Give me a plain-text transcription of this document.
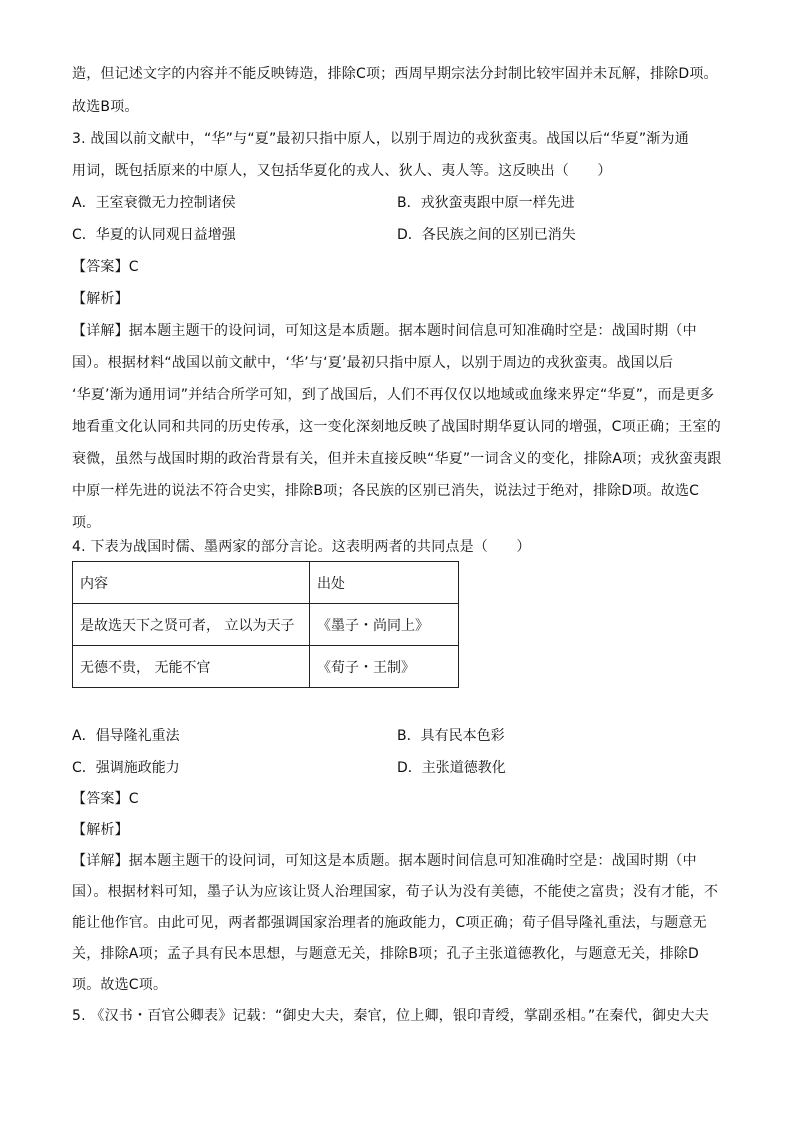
造，但记述文字的内容并不能反映铸造，排除C项；西周早期宗法分封制比较牢固并未瓦解，排除D项。
故选B项。
3. 战国以前文献中，“华”与“夏”最初只指中原人，以别于周边的戎狄蛮夷。战国以后“华夏”渐为通
用词，既包括原来的中原人，又包括华夏化的戎人、狄人、夷人等。这反映出（　　）
A．王室衰微无力控制诸侯	B．戎狄蛮夷跟中原一样先进
C．华夏的认同观日益增强	D．各民族之间的区别已消失
【答案】C
【解析】
【详解】据本题主题干的设问词，可知这是本质题。据本题时间信息可知准确时空是：战国时期（中
国）。根据材料“战国以前文献中，‘华’与‘夏’最初只指中原人，以别于周边的戎狄蛮夷。战国以后
‘华夏’渐为通用词”并结合所学可知，到了战国后，人们不再仅仅以地域或血缘来界定“华夏”，而是更多
地看重文化认同和共同的历史传承，这一变化深刻地反映了战国时期华夏认同的增强，C项正确；王室的
衰微，虽然与战国时期的政治背景有关，但并未直接反映“华夏”一词含义的变化，排除A项；戎狄蛮夷跟
中原一样先进的说法不符合史实，排除B项；各民族的区别已消失，说法过于绝对，排除D项。故选C
项。
4. 下表为战国时儒、墨两家的部分言论。这表明两者的共同点是（　　）
内容	出处
是故选天下之贤可者， 立以为天子	《墨子・尚同上》
无德不贵， 无能不官	《荀子・王制》
A．倡导隆礼重法	B．具有民本色彩
C．强调施政能力	D．主张道德教化
【答案】C
【解析】
【详解】据本题主题干的设问词，可知这是本质题。据本题时间信息可知准确时空是：战国时期（中
国）。根据材料可知，墨子认为应该让贤人治理国家，荀子认为没有美德，不能使之富贵；没有才能，不
能让他作官。由此可见，两者都强调国家治理者的施政能力，C项正确；荀子倡导隆礼重法，与题意无
关，排除A项；孟子具有民本思想，与题意无关，排除B项；孔子主张道德教化，与题意无关，排除D
项。故选C项。
5. 《汉书・百官公卿表》记载：“御史大夫，秦官，位上卿，银印青绶，掌副丞相。”在秦代，御史大夫
